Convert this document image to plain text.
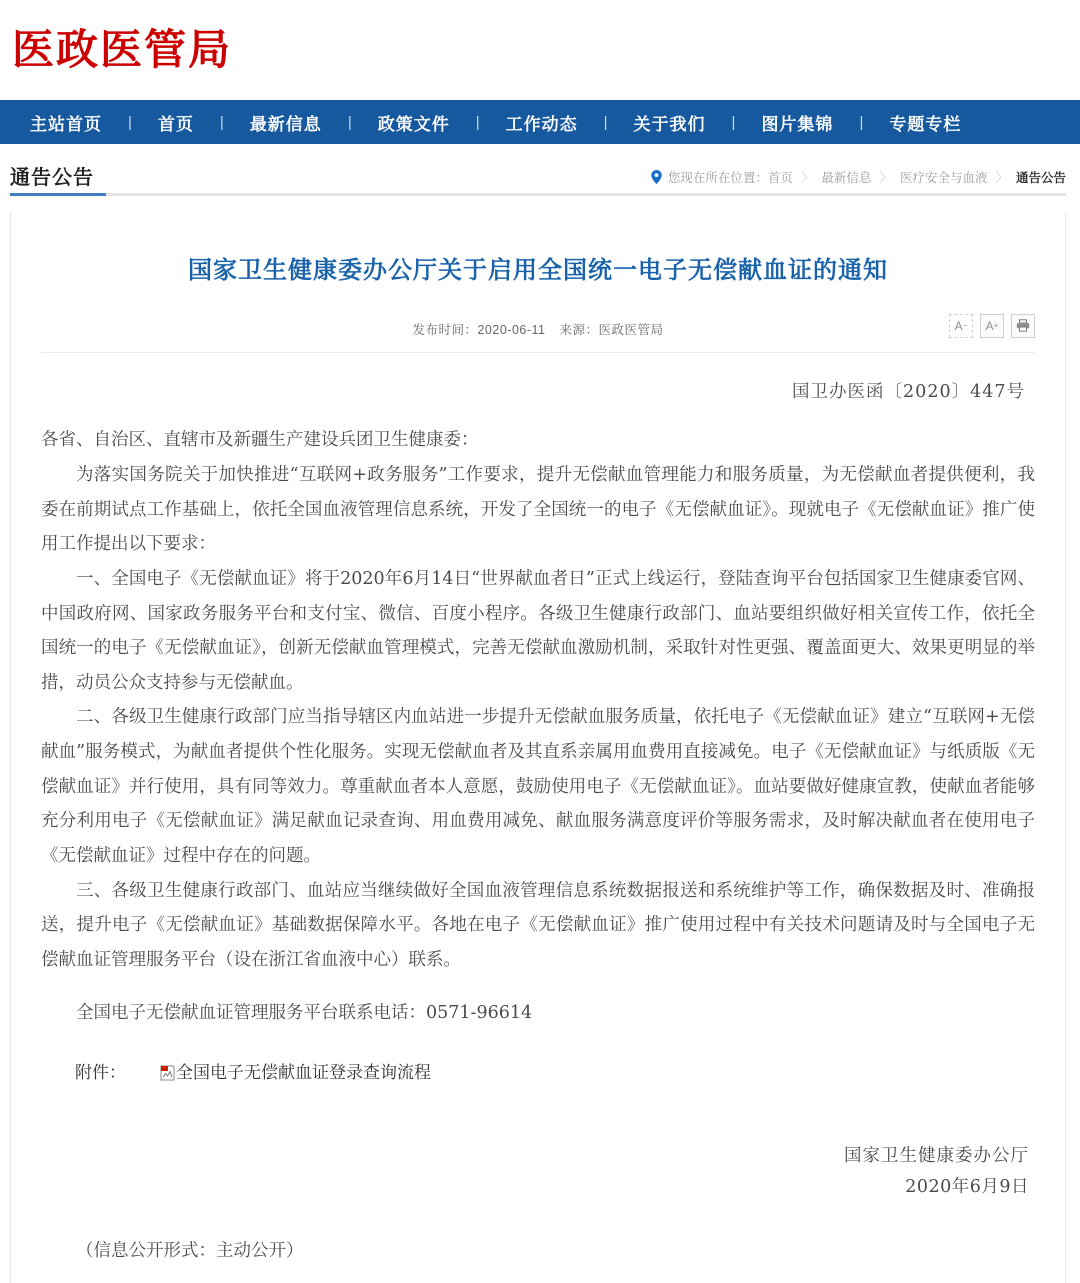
医政医管局
主站首页	|	首页	|	最新信息	|	政策文件	|	工作动态	|	关于我们	|	图片集锦	|	专题专栏
通告公告	您现在所在位置： 首页 〉 最新信息 〉 医疗安全与血液 〉 通告公告
国家卫生健康委办公厅关于启用全国统一电子无偿献血证的通知
发布时间：2020-06-11 来源：医政医管局	A − A +
国卫办医函〔2020〕447号

各省、自治区、直辖市及新疆生产建设兵团卫生健康委：

为落实国务院关于加快推进“互联网+政务服务”工作要求，提升无偿献血管理能力和服务质量，为无偿献血者提供便利，我委在前期试点工作基础上，依托全国血液管理信息系统，开发了全国统一的电子《无偿献血证》。现就电子《无偿献血证》推广使用工作提出以下要求：

一、全国电子《无偿献血证》将于2020年6月14日“世界献血者日”正式上线运行，登陆查询平台包括国家卫生健康委官网、中国政府网、国家政务服务平台和支付宝、微信、百度小程序。各级卫生健康行政部门、血站要组织做好相关宣传工作，依托全国统一的电子《无偿献血证》，创新无偿献血管理模式，完善无偿献血激励机制，采取针对性更强、覆盖面更大、效果更明显的举措，动员公众支持参与无偿献血。

二、各级卫生健康行政部门应当指导辖区内血站进一步提升无偿献血服务质量，依托电子《无偿献血证》建立“互联网+无偿献血”服务模式，为献血者提供个性化服务。实现无偿献血者及其直系亲属用血费用直接减免。电子《无偿献血证》与纸质版《无偿献血证》并行使用，具有同等效力。尊重献血者本人意愿，鼓励使用电子《无偿献血证》。血站要做好健康宣教，使献血者能够充分利用电子《无偿献血证》满足献血记录查询、用血费用减免、献血服务满意度评价等服务需求，及时解决献血者在使用电子《无偿献血证》过程中存在的问题。

三、各级卫生健康行政部门、血站应当继续做好全国血液管理信息系统数据报送和系统维护等工作，确保数据及时、准确报送，提升电子《无偿献血证》基础数据保障水平。各地在电子《无偿献血证》推广使用过程中有关技术问题请及时与全国电子无偿献血证管理服务平台（设在浙江省血液中心）联系。

全国电子无偿献血证管理服务平台联系电话：0571-96614

附件：	全国电子无偿献血证登录查询流程
国家卫生健康委办公厅
2020年6月9日
（信息公开形式：主动公开）
